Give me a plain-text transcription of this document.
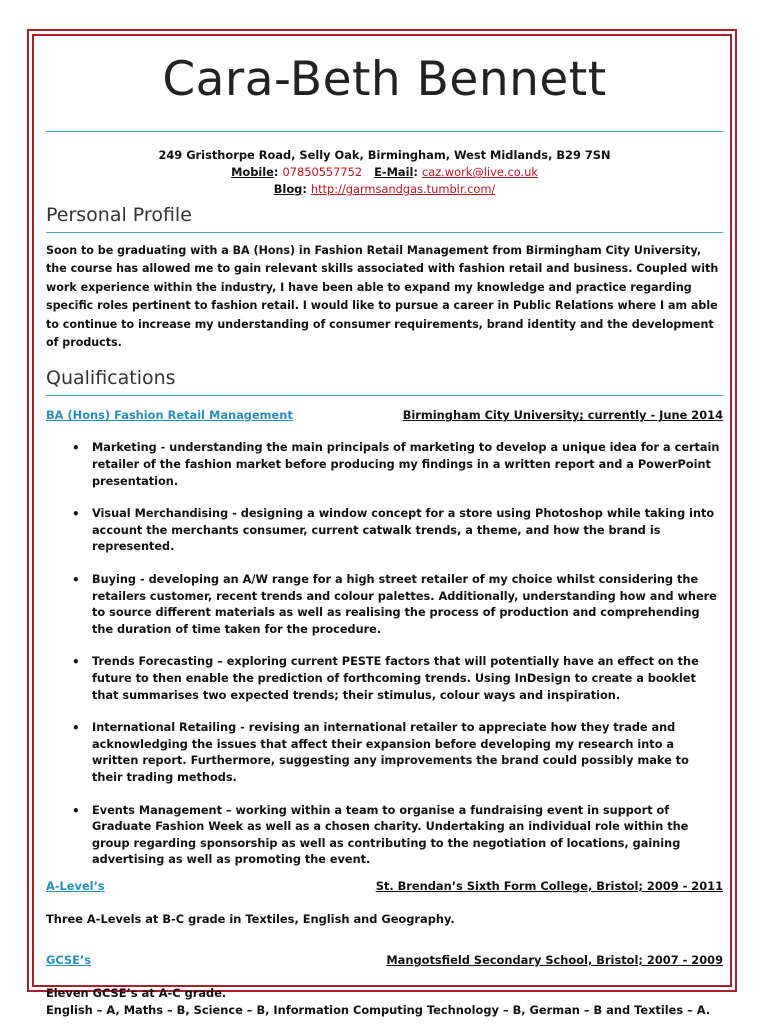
Cara-Beth Bennett
249 Gristhorpe Road, Selly Oak, Birmingham, West Midlands, B29 7SN
Mobile: 07850557752 E-Mail: caz.work@live.co.uk
Blog: http://garmsandgas.tumblr.com/
Personal Profile

Soon to be graduating with a BA (Hons) in Fashion Retail Management from Birmingham City University, the course has allowed me to gain relevant skills associated with fashion retail and business. Coupled with work experience within the industry, I have been able to expand my knowledge and practice regarding specific roles pertinent to fashion retail. I would like to pursue a career in Public Relations where I am able to continue to increase my understanding of consumer requirements, brand identity and the development of products.

Qualifications
BA (Hons) Fashion Retail Management	Birmingham City University; currently - June 2014
• Marketing - understanding the main principals of marketing to develop a unique idea for a certain retailer of the fashion market before producing my findings in a written report and a PowerPoint presentation.
• Visual Merchandising - designing a window concept for a store using Photoshop while taking into account the merchants consumer, current catwalk trends, a theme, and how the brand is represented.
• Buying - developing an A/W range for a high street retailer of my choice whilst considering the retailers customer, recent trends and colour palettes. Additionally, understanding how and where to source different materials as well as realising the process of production and comprehending the duration of time taken for the procedure.
• Trends Forecasting – exploring current PESTE factors that will potentially have an effect on the future to then enable the prediction of forthcoming trends. Using InDesign to create a booklet that summarises two expected trends; their stimulus, colour ways and inspiration.
• International Retailing - revising an international retailer to appreciate how they trade and acknowledging the issues that affect their expansion before developing my research into a written report. Furthermore, suggesting any improvements the brand could possibly make to their trading methods.
• Events Management – working within a team to organise a fundraising event in support of Graduate Fashion Week as well as a chosen charity. Undertaking an individual role within the group regarding sponsorship as well as contributing to the negotiation of locations, gaining advertising as well as promoting the event.
A-Level’s	St. Brendan’s Sixth Form College, Bristol; 2009 - 2011

Three A-Levels at B-C grade in Textiles, English and Geography.

GCSE’s	Mangotsfield Secondary School, Bristol; 2007 - 2009

Eleven GCSE’s at A-C grade.

English – A, Maths – B, Science – B, Information Computing Technology – B, German – B and Textiles – A.
